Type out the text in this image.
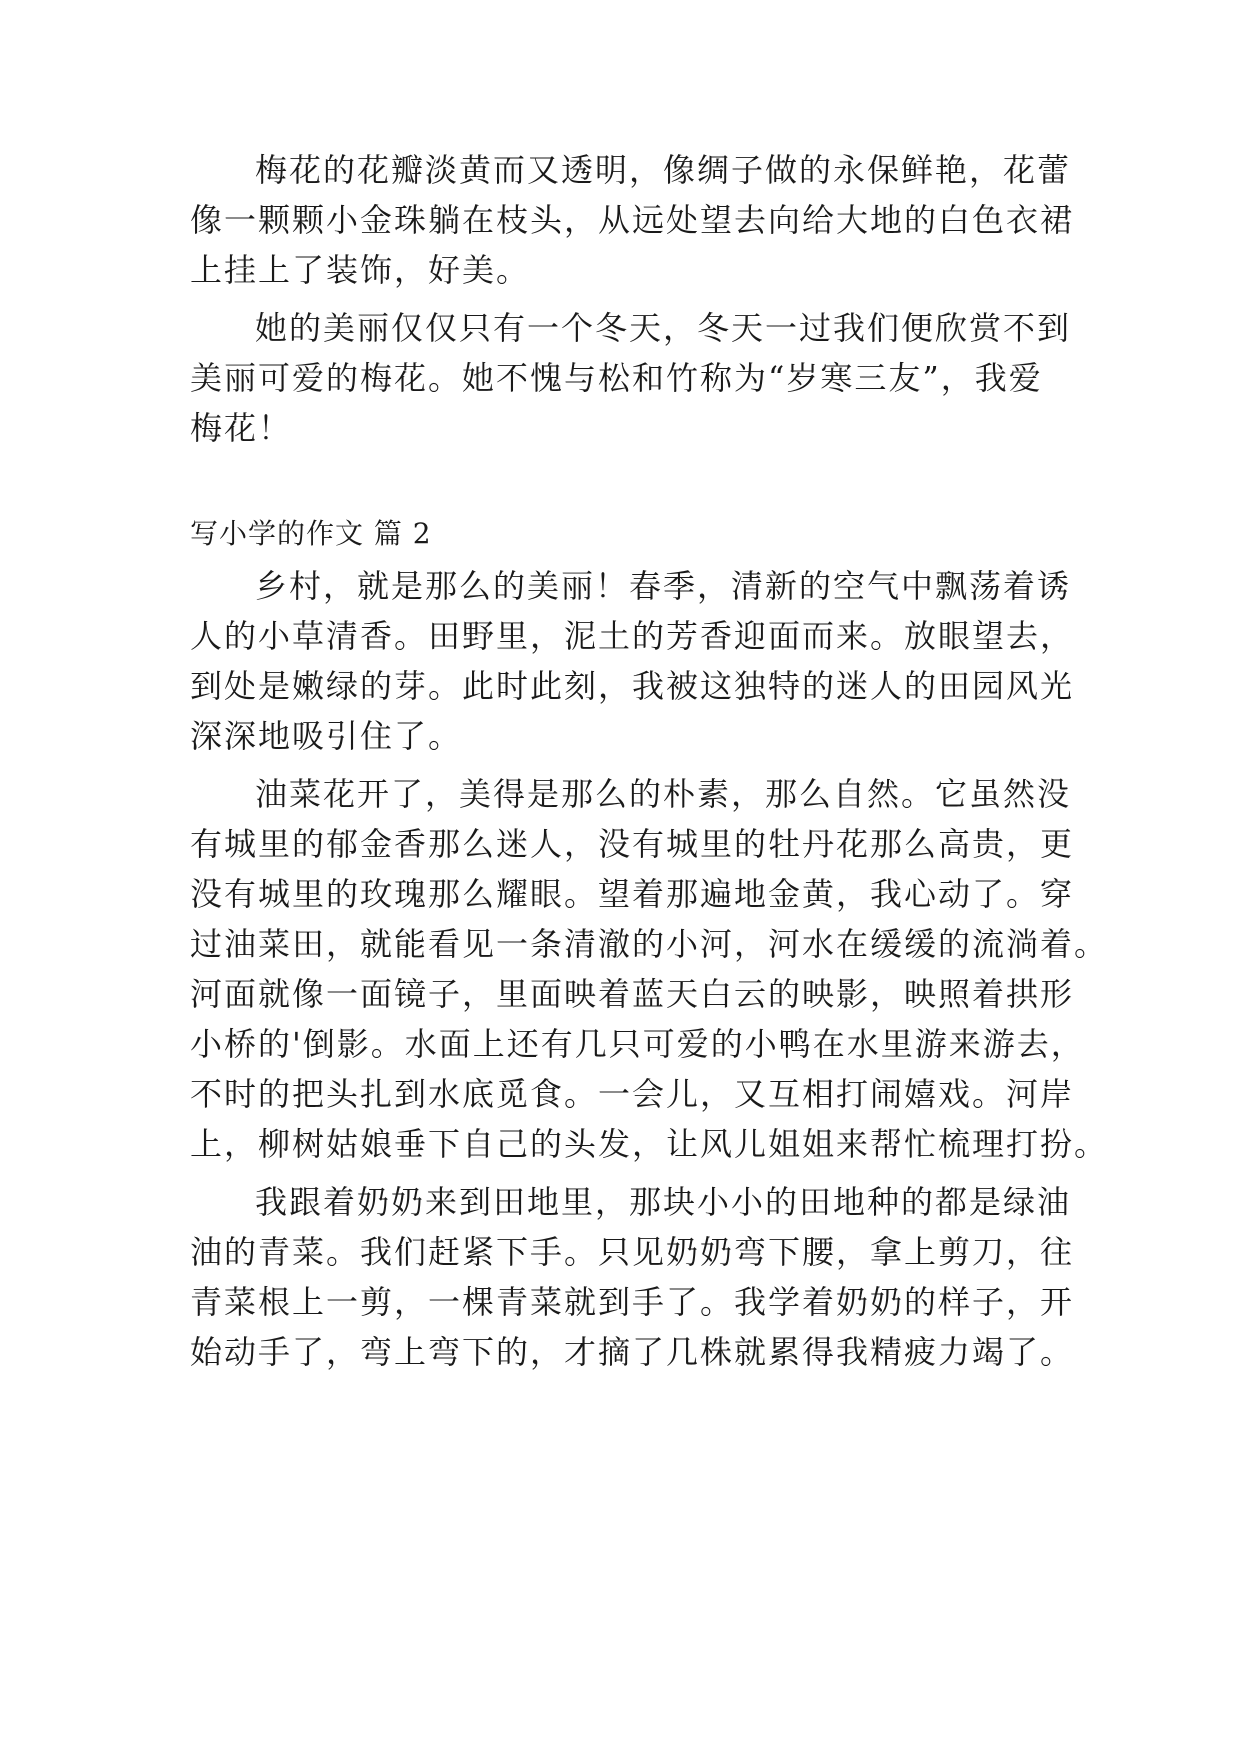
梅花的花瓣淡黄而又透明，像绸子做的永保鲜艳，花蕾
像一颗颗小金珠躺在枝头，从远处望去向给大地的白色衣裙
上挂上了装饰，好美。
她的美丽仅仅只有一个冬天，冬天一过我们便欣赏不到
美丽可爱的梅花。她不愧与松和竹称为“岁寒三友”，我爱
梅花！
写小学的作文 篇 2
乡村，就是那么的美丽！春季，清新的空气中飘荡着诱
人的小草清香。田野里，泥土的芳香迎面而来。放眼望去，
到处是嫩绿的芽。此时此刻，我被这独特的迷人的田园风光
深深地吸引住了。
油菜花开了，美得是那么的朴素，那么自然。它虽然没
有城里的郁金香那么迷人，没有城里的牡丹花那么高贵，更
没有城里的玫瑰那么耀眼。望着那遍地金黄，我心动了。穿
过油菜田，就能看见一条清澈的小河，河水在缓缓的流淌着。
河面就像一面镜子，里面映着蓝天白云的映影，映照着拱形
小桥的'倒影。水面上还有几只可爱的小鸭在水里游来游去，
不时的把头扎到水底觅食。一会儿，又互相打闹嬉戏。河岸
上，柳树姑娘垂下自己的头发，让风儿姐姐来帮忙梳理打扮。
我跟着奶奶来到田地里，那块小小的田地种的都是绿油
油的青菜。我们赶紧下手。只见奶奶弯下腰，拿上剪刀，往
青菜根上一剪，一棵青菜就到手了。我学着奶奶的样子，开
始动手了，弯上弯下的，才摘了几株就累得我精疲力竭了。
